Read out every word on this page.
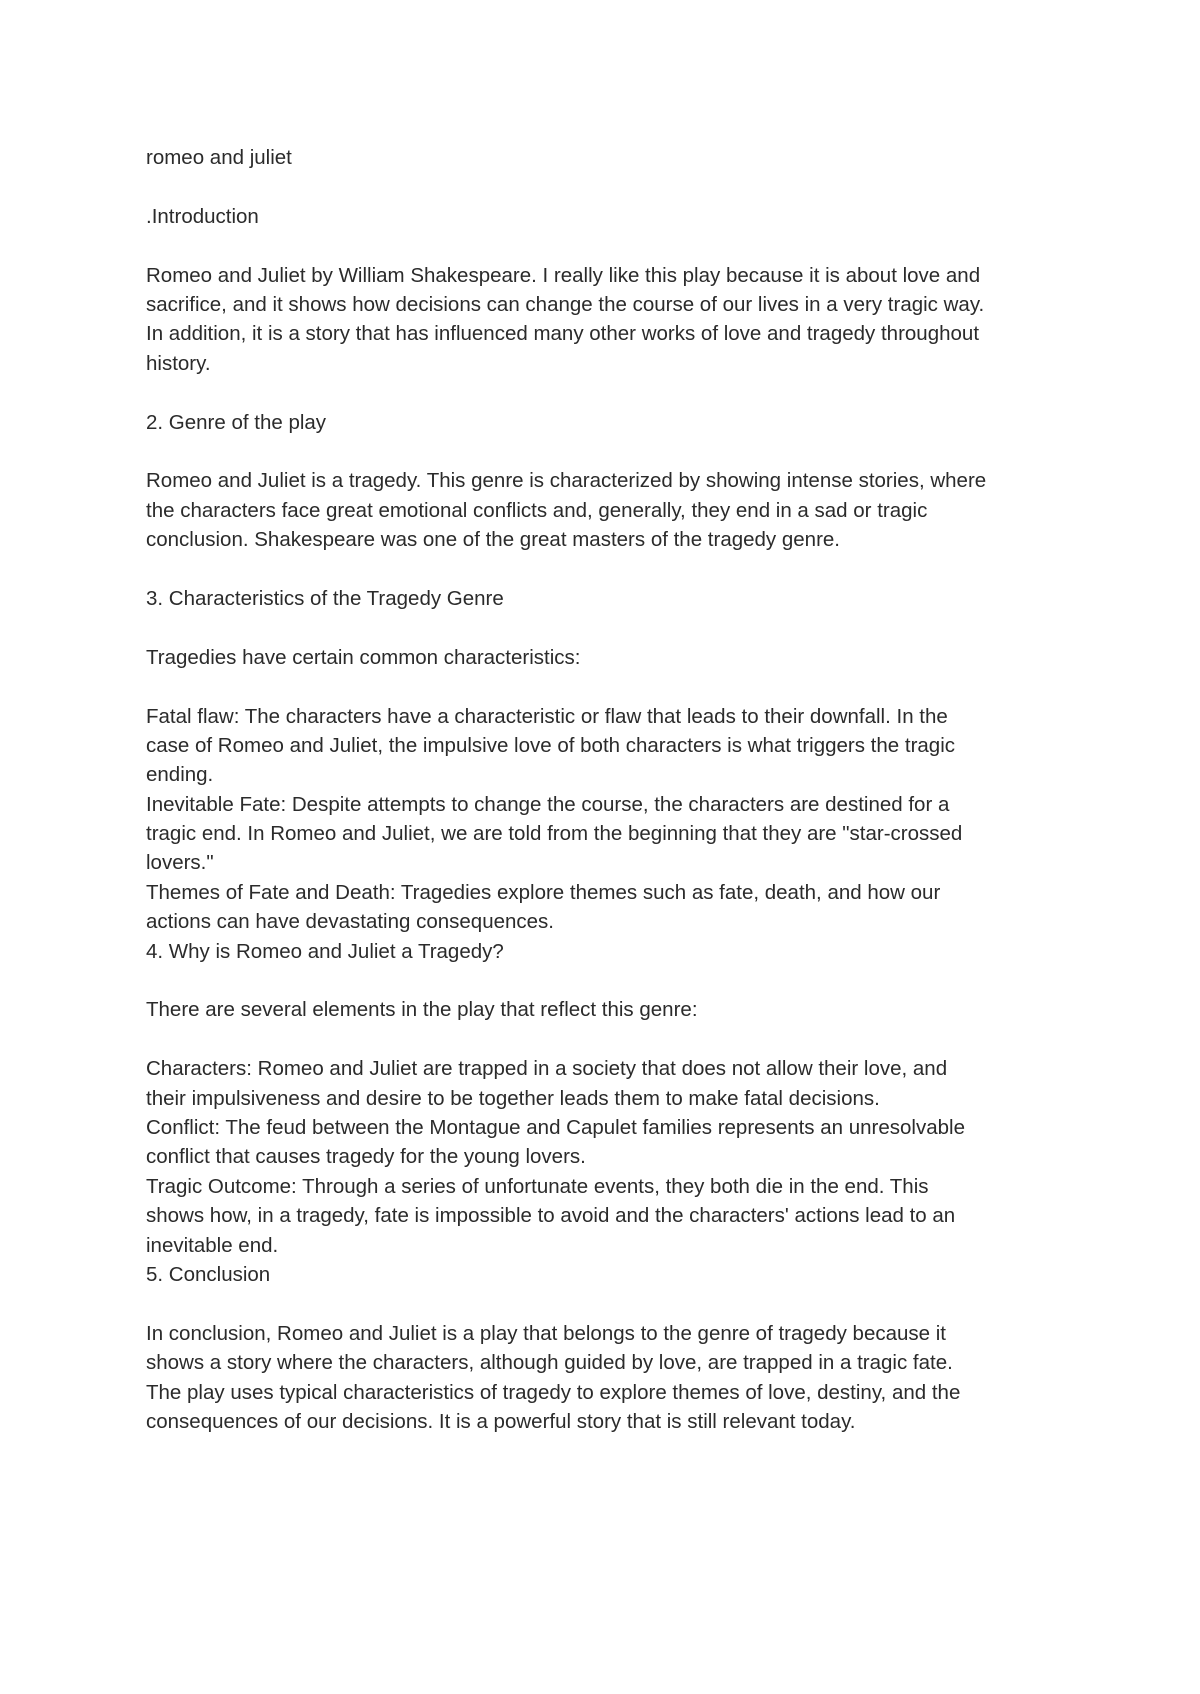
romeo and juliet

.Introduction

Romeo and Juliet by William Shakespeare. I really like this play because it is about love and
sacrifice, and it shows how decisions can change the course of our lives in a very tragic way.
In addition, it is a story that has influenced many other works of love and tragedy throughout
history.

2. Genre of the play

Romeo and Juliet is a tragedy. This genre is characterized by showing intense stories, where
the characters face great emotional conflicts and, generally, they end in a sad or tragic
conclusion. Shakespeare was one of the great masters of the tragedy genre.

3. Characteristics of the Tragedy Genre

Tragedies have certain common characteristics:

Fatal flaw: The characters have a characteristic or flaw that leads to their downfall. In the
case of Romeo and Juliet, the impulsive love of both characters is what triggers the tragic
ending.
Inevitable Fate: Despite attempts to change the course, the characters are destined for a
tragic end. In Romeo and Juliet, we are told from the beginning that they are "star-crossed
lovers."
Themes of Fate and Death: Tragedies explore themes such as fate, death, and how our
actions can have devastating consequences.
4. Why is Romeo and Juliet a Tragedy?

There are several elements in the play that reflect this genre:

Characters: Romeo and Juliet are trapped in a society that does not allow their love, and
their impulsiveness and desire to be together leads them to make fatal decisions.
Conflict: The feud between the Montague and Capulet families represents an unresolvable
conflict that causes tragedy for the young lovers.
Tragic Outcome: Through a series of unfortunate events, they both die in the end. This
shows how, in a tragedy, fate is impossible to avoid and the characters' actions lead to an
inevitable end.
5. Conclusion
In conclusion, Romeo and Juliet is a play that belongs to the genre of tragedy because it
shows a story where the characters, although guided by love, are trapped in a tragic fate.
The play uses typical characteristics of tragedy to explore themes of love, destiny, and the
consequences of our decisions. It is a powerful story that is still relevant today.
